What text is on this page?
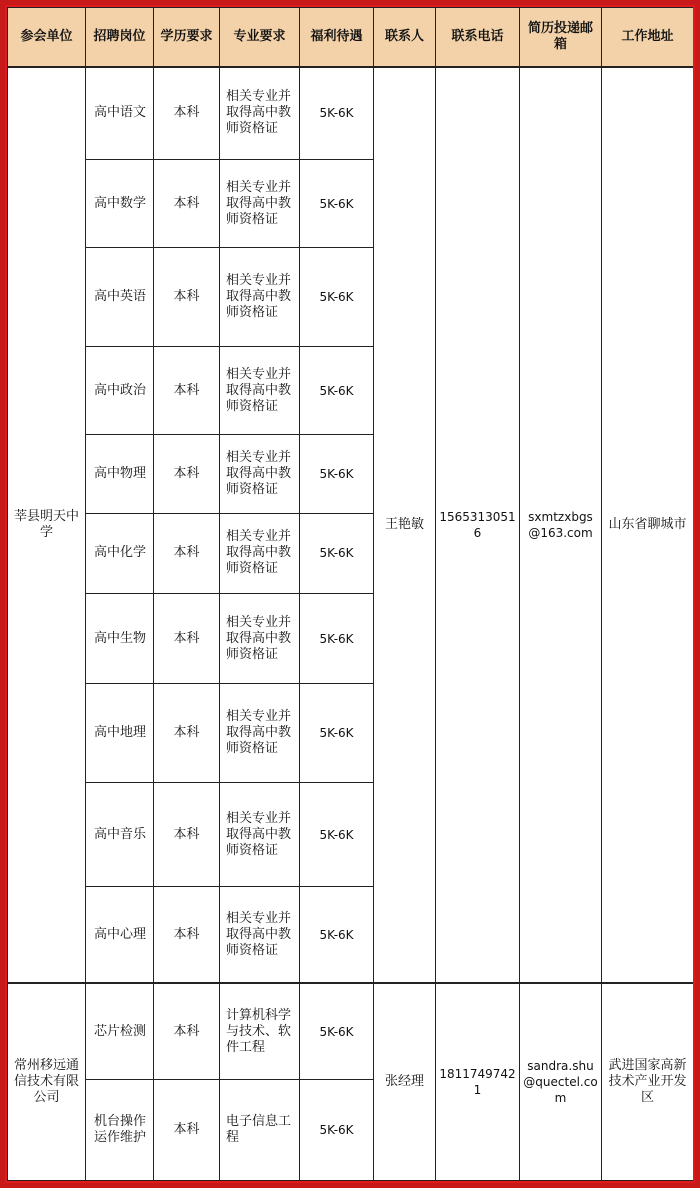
参会单位	招聘岗位	学历要求	专业要求	福利待遇	联系人	联系电话	简历投递邮箱	工作地址
莘县明天中学	高中语文	本科	相关专业并取得高中教师资格证	5K-6K	王艳敏	15653130516	sxmtzxbgs@163.com	山东省聊城市
	高中数学	本科	相关专业并取得高中教师资格证	5K-6K				
	高中英语	本科	相关专业并取得高中教师资格证	5K-6K				
	高中政治	本科	相关专业并取得高中教师资格证	5K-6K				
	高中物理	本科	相关专业并取得高中教师资格证	5K-6K				
	高中化学	本科	相关专业并取得高中教师资格证	5K-6K				
	高中生物	本科	相关专业并取得高中教师资格证	5K-6K				
	高中地理	本科	相关专业并取得高中教师资格证	5K-6K				
	高中音乐	本科	相关专业并取得高中教师资格证	5K-6K				
	高中心理	本科	相关专业并取得高中教师资格证	5K-6K				
常州移远通信技术有限公司	芯片检测	本科	计算机科学与技术、软件工程	5K-6K	张经理	18117497421	sandra.shu@quectel.com	武进国家高新技术产业开发区
	机台操作运作维护	本科	电子信息工程	5K-6K				
